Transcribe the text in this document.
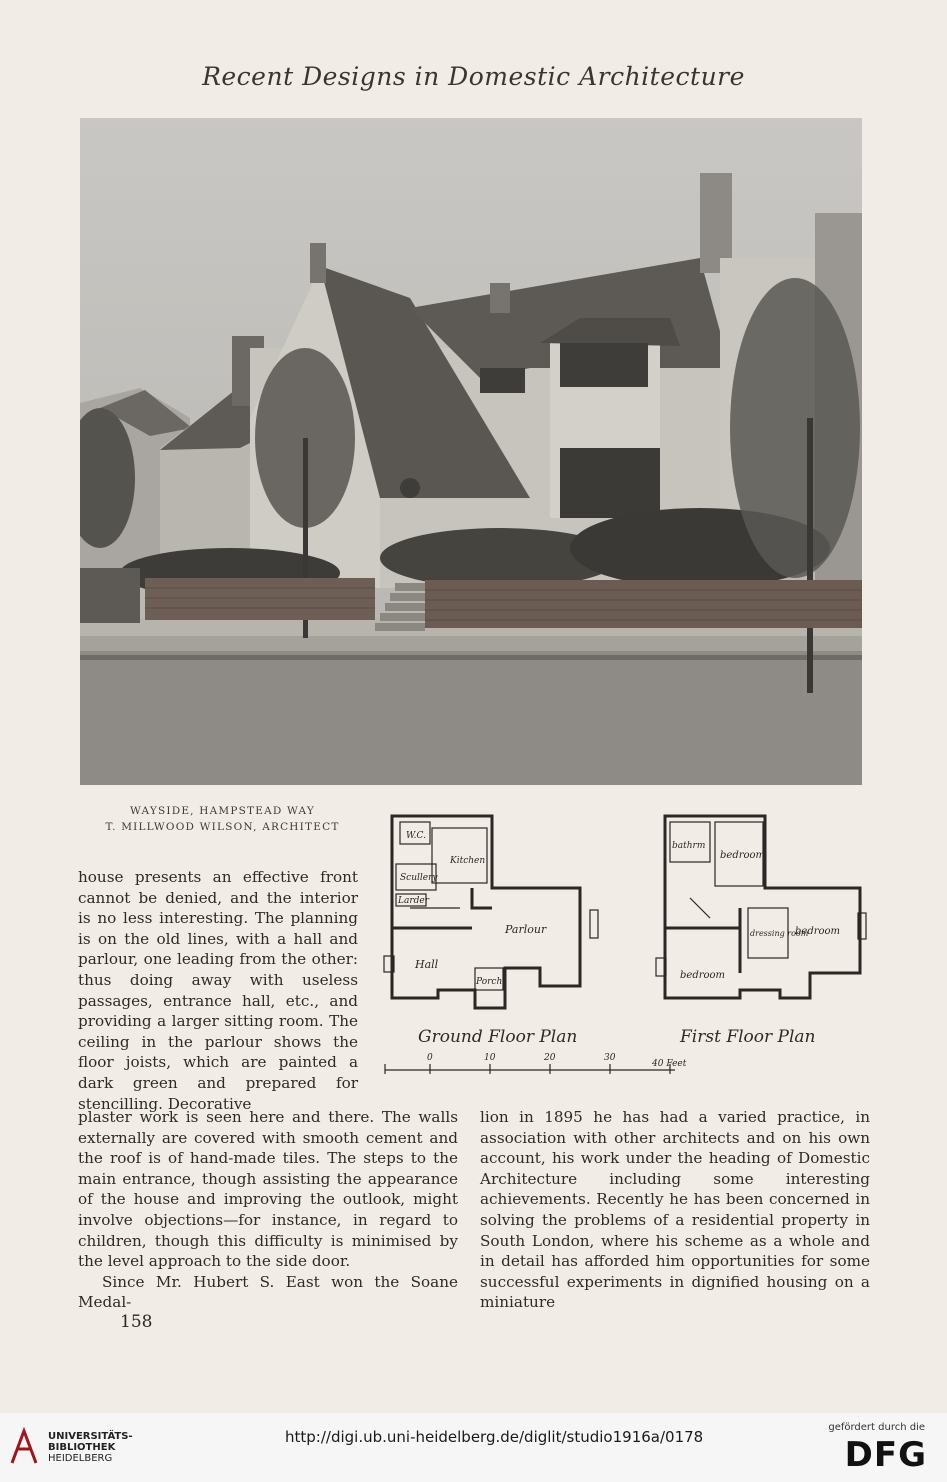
Recent Designs in Domestic Architecture
WAYSIDE, HAMPSTEAD WAY
T. MILLWOOD WILSON, ARCHITECT
W.C.
Kitchen
Scullery
Larder
Parlour
Hall
Porch
bathrm
bedroom
dressing room
bedroom
bedroom
0	10	20	30
40 Feet
Ground Floor Plan	First Floor Plan

house presents an effective front cannot be denied, and the interior is no less interesting. The planning is on the old lines, with a hall and parlour, one leading from the other: thus doing away with useless passages, entrance hall, etc., and providing a larger sitting room. The ceiling in the parlour shows the floor joists, which are painted a dark green and prepared for stencilling. Decorative

plaster work is seen here and there. The walls externally are covered with smooth cement and the roof is of hand-made tiles. The steps to the main entrance, though assisting the appearance of the house and improving the outlook, might involve objections—for instance, in regard to children, though this difficulty is minimised by the level approach to the side door.

Since Mr. Hubert S. East won the Soane Medal-

lion in 1895 he has had a varied practice, in association with other architects and on his own account, his work under the heading of Domestic Architecture including some interesting achievements. Recently he has been concerned in solving the problems of a residential property in South London, where his scheme as a whole and in detail has afforded him opportunities for some successful experiments in dignified housing on a miniature

158
UNIVERSITÄTS-
BIBLIOTHEK
HEIDELBERG
http://digi.ub.uni-heidelberg.de/diglit/studio1916a/0178
gefördert durch die
DFG
